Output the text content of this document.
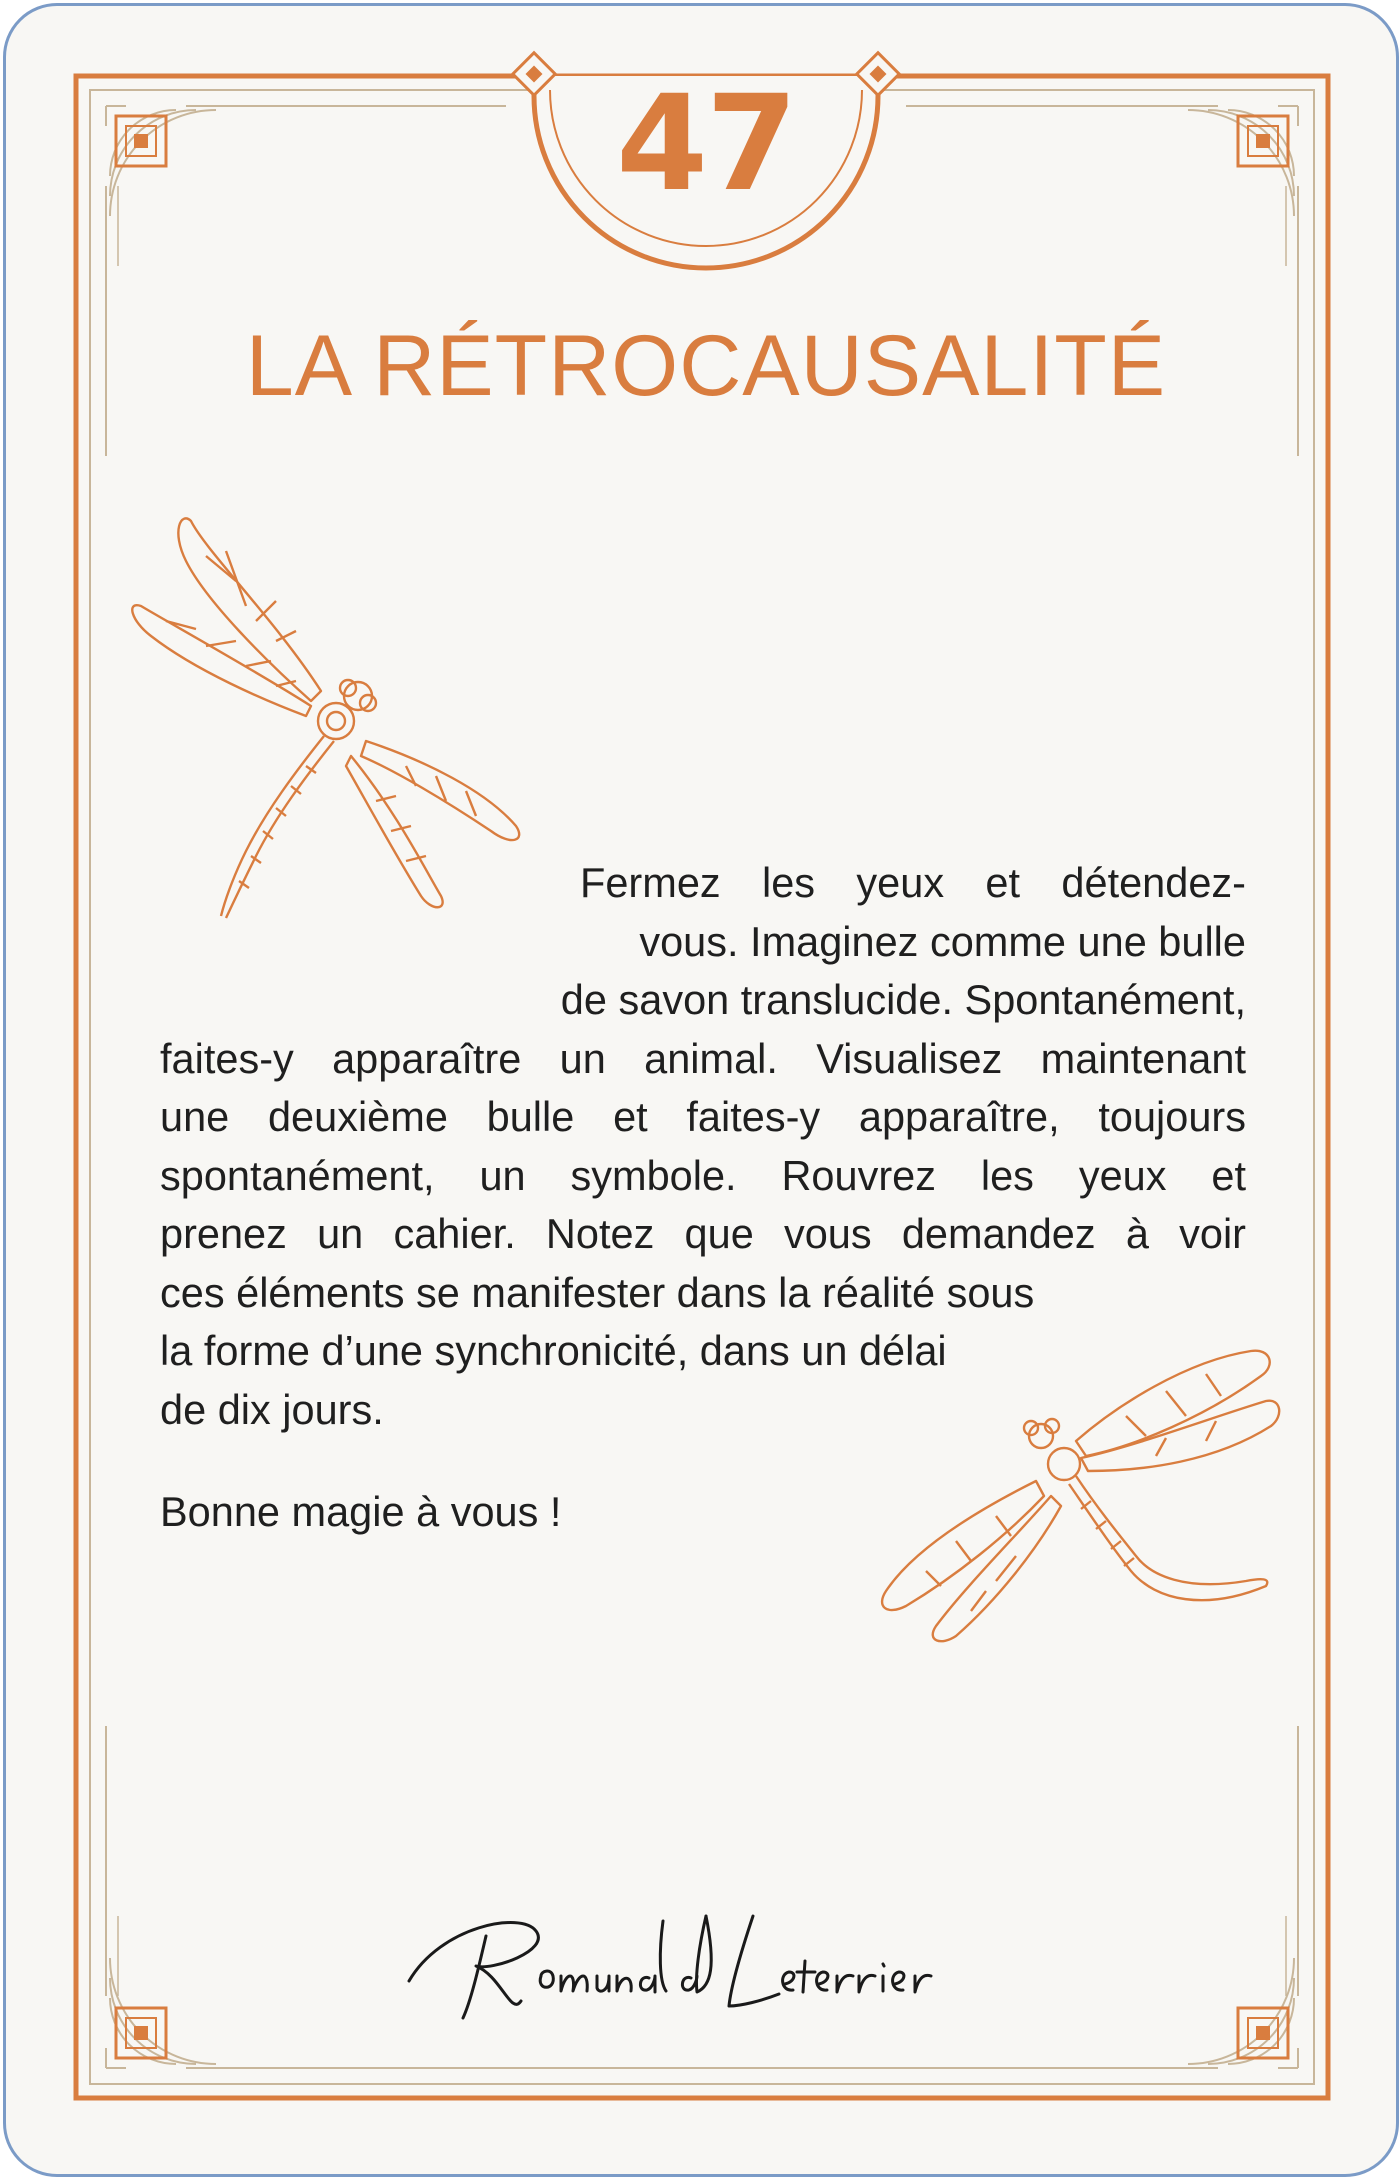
47
LA RÉTROCAUSALITÉ
Fermez les yeux et détendez-
vous. Imaginez comme une bulle
de savon translucide. Spontanément,
faites-y apparaître un animal. Visualisez maintenant
une deuxième bulle et faites-y apparaître, toujours
spontanément, un symbole. Rouvrez les yeux et
prenez un cahier. Notez que vous demandez à voir
ces éléments se manifester dans la réalité sous
la forme d’une synchronicité, dans un délai
de dix jours.
Bonne magie à vous !
